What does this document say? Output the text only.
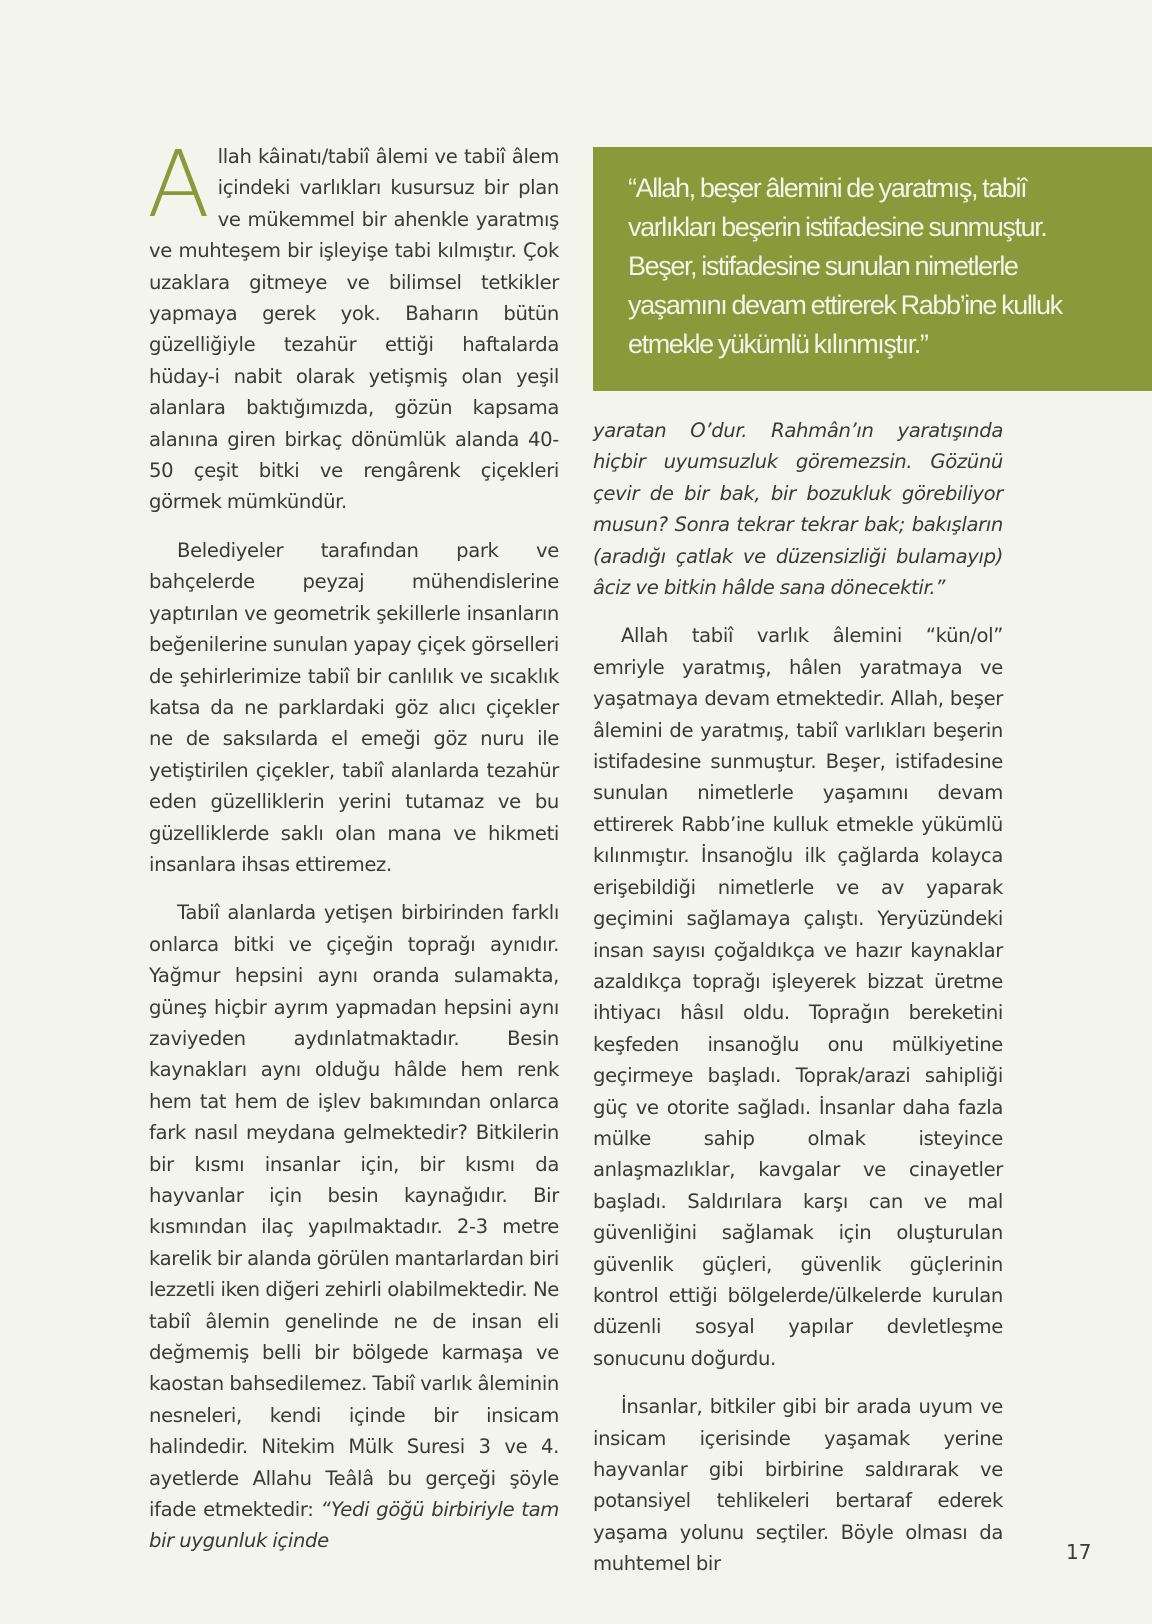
Allah kâinatı/tabiî âlemi ve tabiî âlem içindeki varlıkları kusursuz bir plan ve mükemmel bir ahenkle yaratmış ve muhteşem bir işleyişe tabi kılmıştır. Çok uzaklara gitmeye ve bilimsel tetkikler yapmaya gerek yok. Baharın bütün güzelliğiyle tezahür ettiği haftalarda hüday-i nabit olarak yetişmiş olan yeşil alanlara baktığımızda, gözün kapsama alanına giren birkaç dönümlük alanda 40-50 çeşit bitki ve rengârenk çiçekleri görmek mümkündür.

Belediyeler tarafından park ve bahçelerde peyzaj mühendislerine yaptırılan ve geometrik şekillerle insanların beğenilerine sunulan yapay çiçek görselleri de şehirlerimize tabiî bir canlılık ve sıcaklık katsa da ne parklardaki göz alıcı çiçekler ne de saksılarda el emeği göz nuru ile yetiştirilen çiçekler, tabiî alanlarda tezahür eden güzelliklerin yerini tutamaz ve bu güzelliklerde saklı olan mana ve hikmeti insanlara ihsas ettiremez.

Tabiî alanlarda yetişen birbirinden farklı onlarca bitki ve çiçeğin toprağı aynıdır. Yağmur hepsini aynı oranda sulamakta, güneş hiçbir ayrım yapmadan hepsini aynı zaviyeden aydınlatmaktadır. Besin kaynakları aynı olduğu hâlde hem renk hem tat hem de işlev bakımından onlarca fark nasıl meydana gelmektedir? Bitkilerin bir kısmı insanlar için, bir kısmı da hayvanlar için besin kaynağıdır. Bir kısmından ilaç yapılmaktadır. 2-3 metre karelik bir alanda görülen mantarlardan biri lezzetli iken diğeri zehirli olabilmektedir. Ne tabiî âlemin genelinde ne de insan eli değmemiş belli bir bölgede karmaşa ve kaostan bahsedilemez. Tabiî varlık âleminin nesneleri, kendi içinde bir insicam halindedir. Nitekim Mülk Suresi 3 ve 4. ayetlerde Allahu Teâlâ bu gerçeği şöyle ifade etmektedir: “Yedi göğü birbiriyle tam bir uygunluk içinde

“Allah, beşer âlemini de yaratmış, tabiî varlıkları beşerin istifadesine sunmuştur. Beşer, istifadesine sunulan nimetlerle yaşamını devam ettirerek Rabb’ine kulluk etmekle yükümlü kılınmıştır.”

yaratan O’dur. Rahmân’ın yaratışında hiçbir uyumsuzluk göremezsin. Gözünü çevir de bir bak, bir bozukluk görebiliyor musun? Sonra tekrar tekrar bak; bakışların (aradığı çatlak ve düzensizliği bulamayıp) âciz ve bitkin hâlde sana dönecektir.”

Allah tabiî varlık âlemini “kün/ol” emriyle yaratmış, hâlen yaratmaya ve yaşatmaya devam etmektedir. Allah, beşer âlemini de yaratmış, tabiî varlıkları beşerin istifadesine sunmuştur. Beşer, istifadesine sunulan nimetlerle yaşamını devam ettirerek Rabb’ine kulluk etmekle yükümlü kılınmıştır. İnsanoğlu ilk çağlarda kolayca erişebildiği nimetlerle ve av yaparak geçimini sağlamaya çalıştı. Yeryüzündeki insan sayısı çoğaldıkça ve hazır kaynaklar azaldıkça toprağı işleyerek bizzat üretme ihtiyacı hâsıl oldu. Toprağın bereketini keşfeden insanoğlu onu mülkiyetine geçirmeye başladı. Toprak/arazi sahipliği güç ve otorite sağladı. İnsanlar daha fazla mülke sahip olmak isteyince anlaşmazlıklar, kavgalar ve cinayetler başladı. Saldırılara karşı can ve mal güvenliğini sağlamak için oluşturulan güvenlik güçleri, güvenlik güçlerinin kontrol ettiği bölgelerde/ülkelerde kurulan düzenli sosyal yapılar devletleşme sonucunu doğurdu.

İnsanlar, bitkiler gibi bir arada uyum ve insicam içerisinde yaşamak yerine hayvanlar gibi birbirine saldırarak ve potansiyel tehlikeleri bertaraf ederek yaşama yolunu seçtiler. Böyle olması da muhtemel bir	17
